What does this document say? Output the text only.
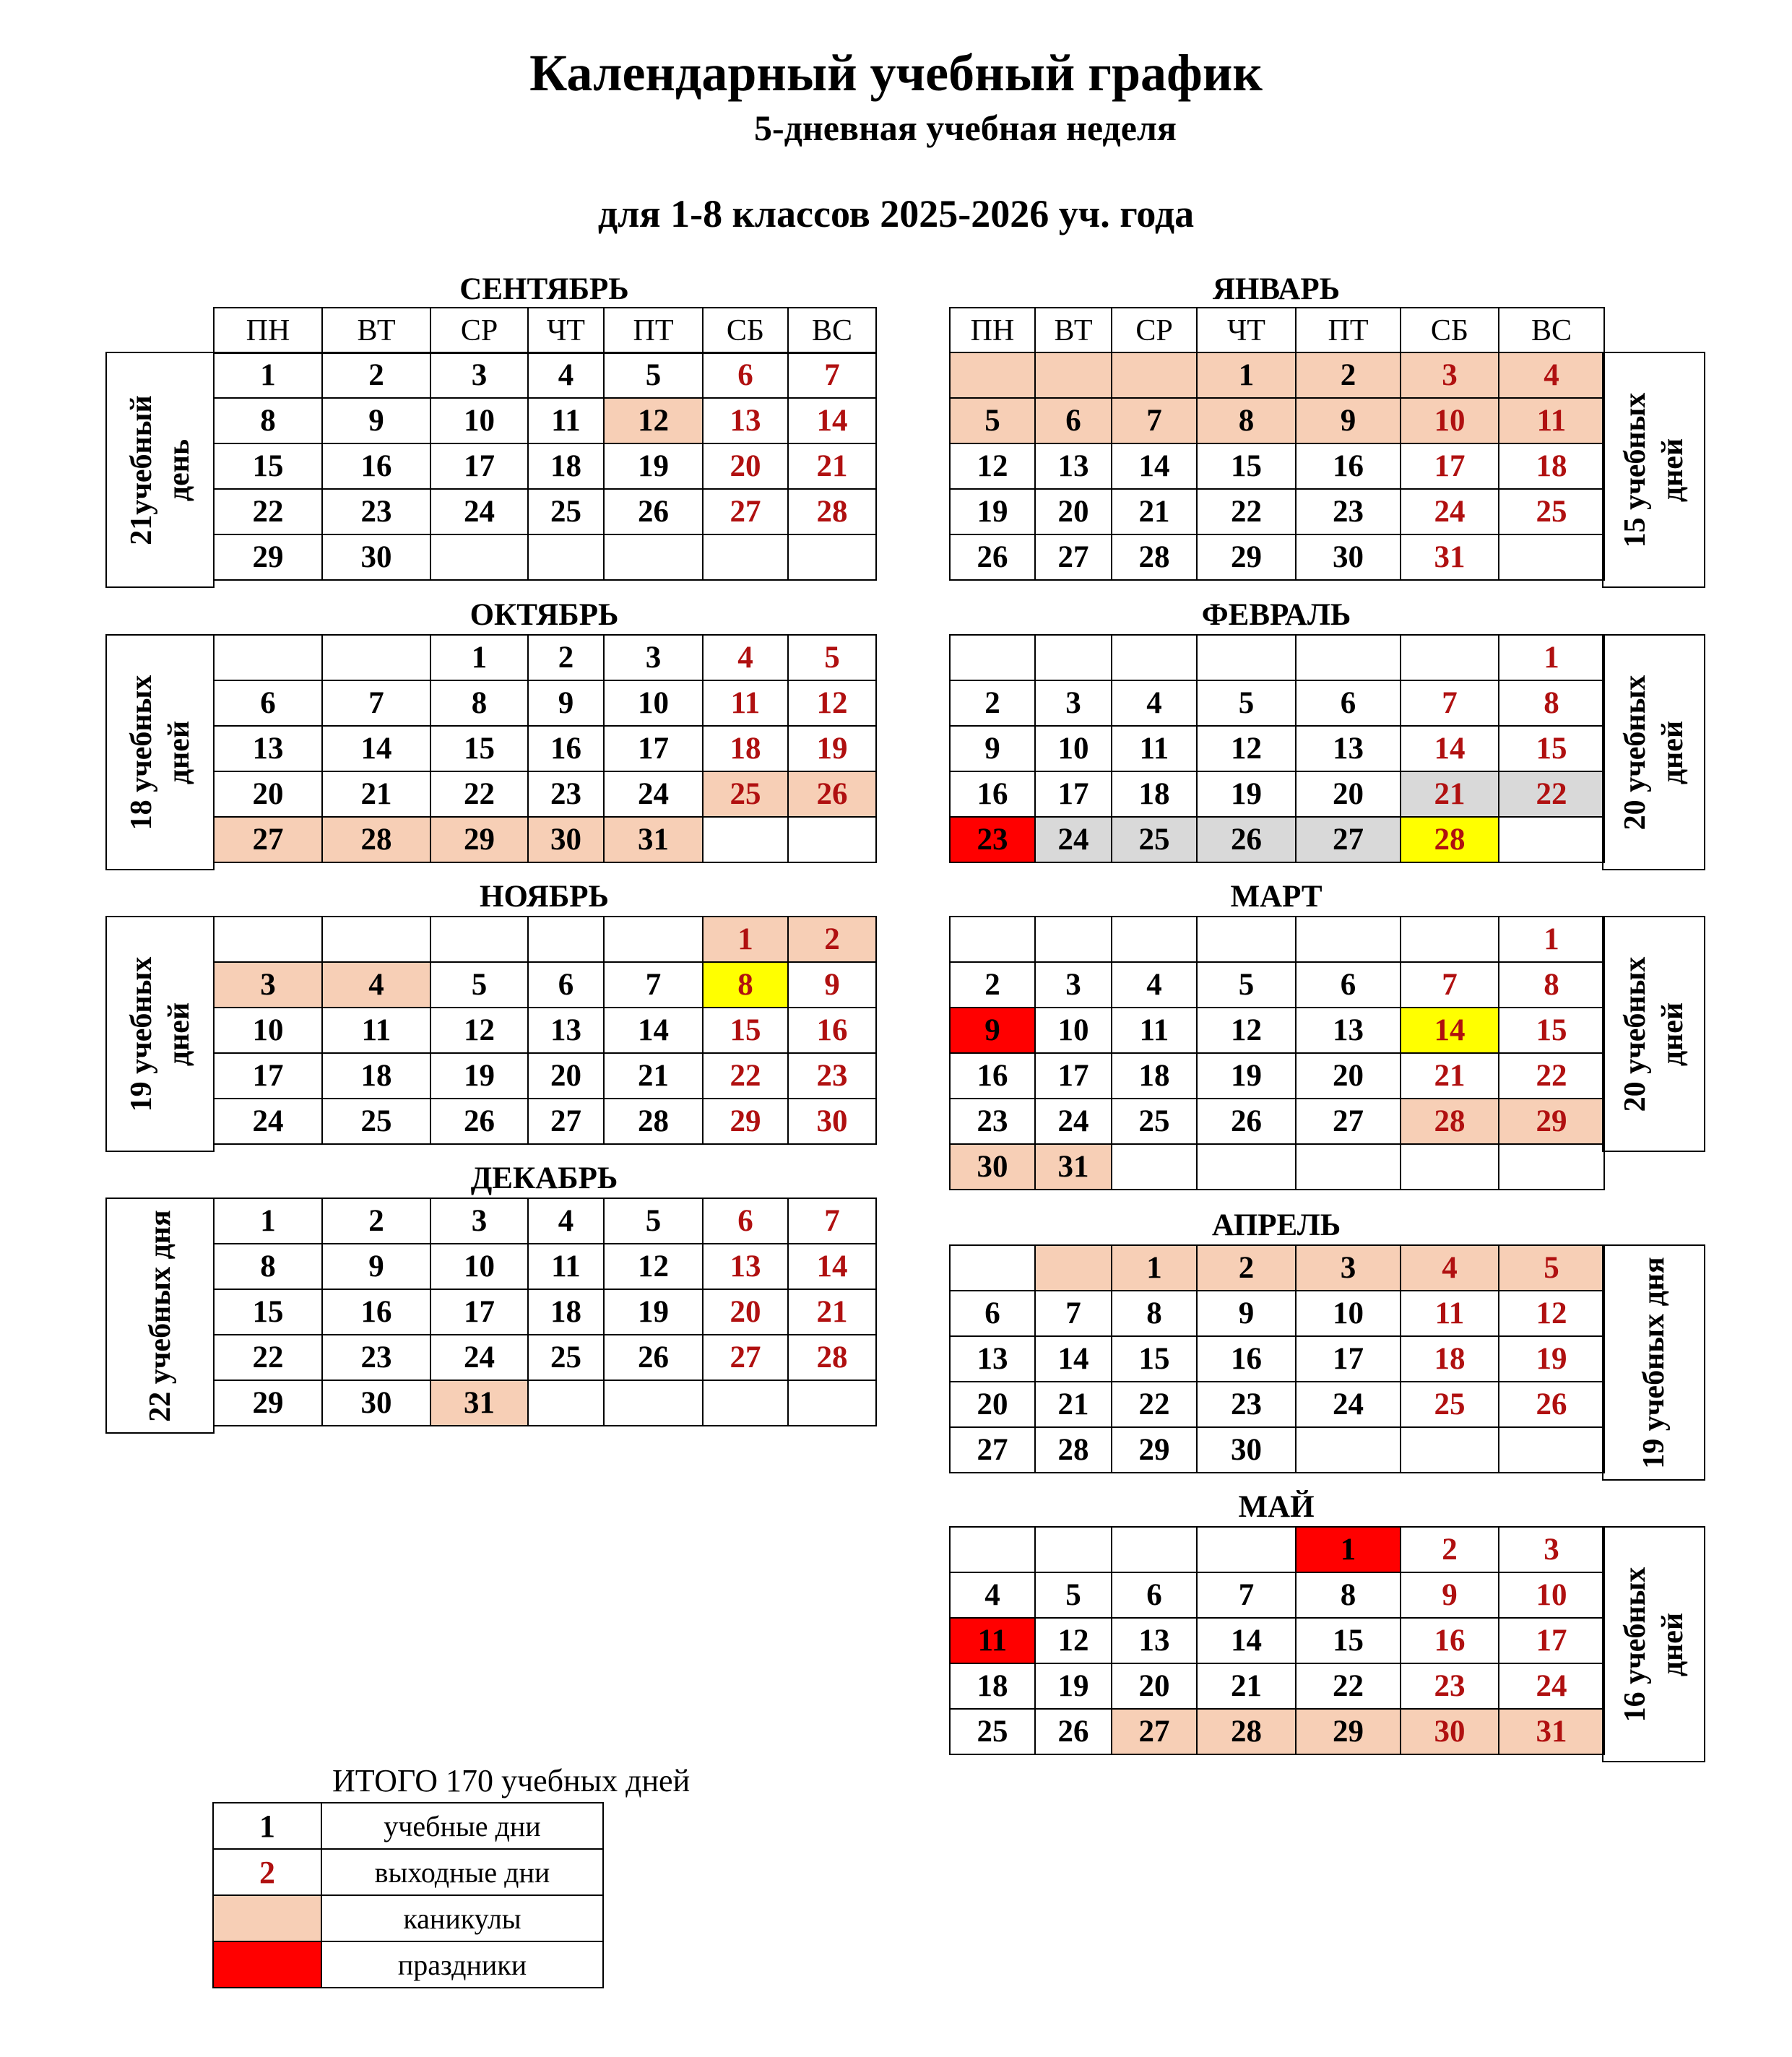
Календарный учебный график
5-дневная учебная неделя
для 1-8 классов 2025-2026 уч. года
ПН	ВТ	СР	ЧТ	ПТ	СБ	ВС	ПН	ВТ	СР	ЧТ	ПТ	СБ	ВС
СЕНТЯБРЬ
1	2	3	4	5	6	7
8	9	10	11	12	13	14
15	16	17	18	19	20	21
22	23	24	25	26	27	28
29	30					
21учебный день
ОКТЯБРЬ
		1	2	3	4	5
6	7	8	9	10	11	12
13	14	15	16	17	18	19
20	21	22	23	24	25	26
27	28	29	30	31		
18 учебных дней
НОЯБРЬ
					1	2
3	4	5	6	7	8	9
10	11	12	13	14	15	16
17	18	19	20	21	22	23
24	25	26	27	28	29	30
19 учебных дней
ДЕКАБРЬ
1	2	3	4	5	6	7
8	9	10	11	12	13	14
15	16	17	18	19	20	21
22	23	24	25	26	27	28
29	30	31				
22 учебных дня
ЯНВАРЬ
			1	2	3	4
5	6	7	8	9	10	11
12	13	14	15	16	17	18
19	20	21	22	23	24	25
26	27	28	29	30	31	
15 учебных дней
ФЕВРАЛЬ
						1
2	3	4	5	6	7	8
9	10	11	12	13	14	15
16	17	18	19	20	21	22
23	24	25	26	27	28	
20 учебных дней
МАРТ
						1
2	3	4	5	6	7	8
9	10	11	12	13	14	15
16	17	18	19	20	21	22
23	24	25	26	27	28	29
30	31					
20 учебных дней
АПРЕЛЬ
		1	2	3	4	5
6	7	8	9	10	11	12
13	14	15	16	17	18	19
20	21	22	23	24	25	26
27	28	29	30				19 учебных дня
МАЙ
				1	2	3
4	5	6	7	8	9	10
11	12	13	14	15	16	17
18	19	20	21	22	23	24
25	26	27	28	29	30	31
16 учебных дней
ИТОГО 170 учебных дней
1	учебные дни
2	выходные дни
	каникулы
	праздники
